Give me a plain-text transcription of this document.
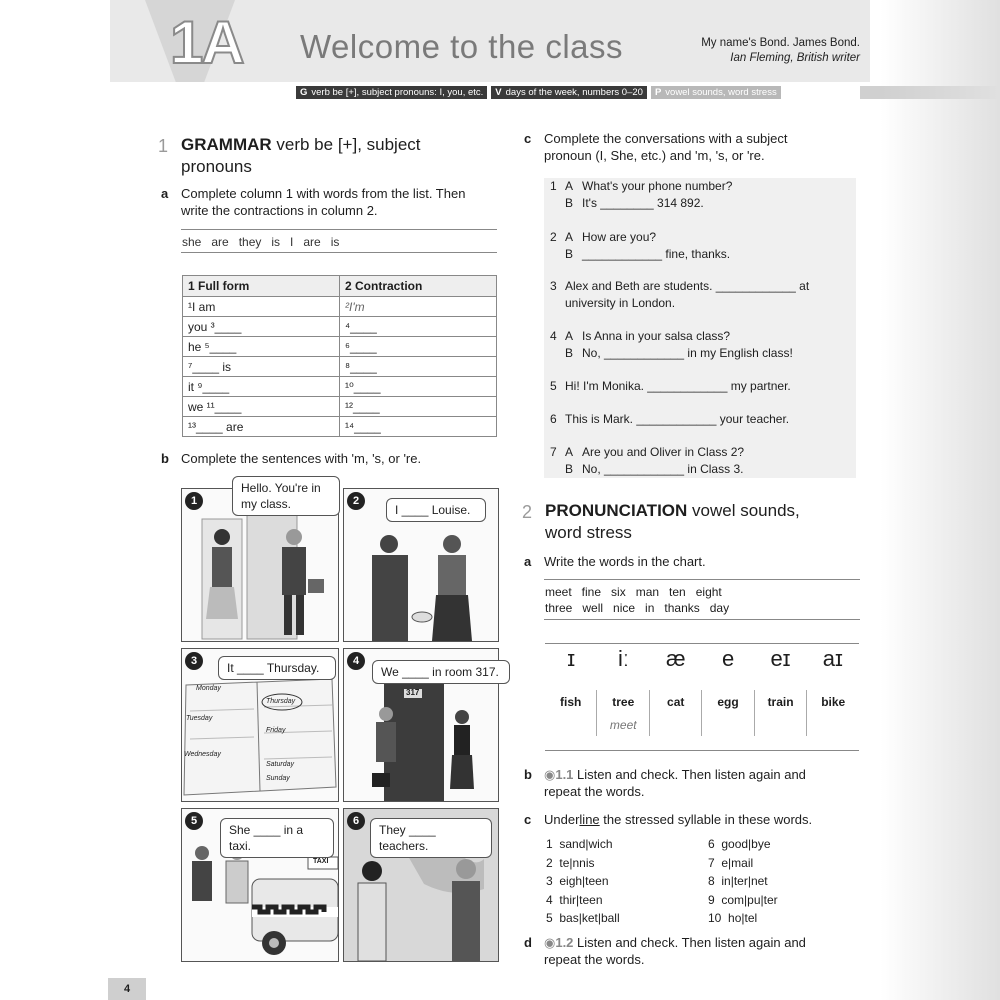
1A Welcome to the class	My name's Bond. James Bond.
Ian Fleming, British writer
G verb be [+], subject pronouns: I, you, etc.	V days of the week, numbers 0–20	P vowel sounds, word stress
1 GRAMMAR verb be [+], subject pronouns
a Complete column 1 with words from the list. Then write the contractions in column 2.
she   are   they   is   I   are   is
1 Full form	2 Contraction
¹I am	²I'm
you ³____	⁴____
he ⁵____	⁶____
⁷____ is	⁸____
it ⁹____	¹⁰____
we ¹¹____	¹²____
¹³____ are	¹⁴____
b Complete the sentences with 'm, 's, or 're.
1
Hello. You're in my class.	2
I ____ Louise.
Monday
Tuesday
Wednesday
Thursday
Friday
Saturday
Sunday
3	It ____ Thursday.
317
4
We ____ in room 317.
TAXI
5
She ____ in a taxi.
6
They ____ teachers.
c Complete the conversations with a subject pronoun (I, She, etc.) and 'm, 's, or 're.
1 A What's your phone number?
B It's ________ 314 892.
2 A How are you?
B ____________ fine, thanks.
3 Alex and Beth are students. ____________ at university in London.
4 A Is Anna in your salsa class?
B No, ____________ in my English class!
5 Hi! I'm Monika. ____________ my partner.
6 This is Mark. ____________ your teacher.
7 A Are you and Oliver in Class 2?
B No, ____________ in Class 3.
2 PRONUNCIATION vowel sounds, word stress
a Write the words in the chart.
meet   fine   six   man   ten   eight
three   well   nice   in   thanks   day
ɪ	iː	æ	e	eɪ	aɪ
fish	tree	cat	egg	train	bike
	meet				
b ◉1.1 Listen and check. Then listen again and repeat the words.
c Underline the stressed syllable in these words.
1 sand|wich	6 good|bye
2 te|nnis	7 e|mail
3 eigh|teen	8 in|ter|net
4 thir|teen	9 com|pu|ter
5 bas|ket|ball	10 ho|tel
d ◉1.2 Listen and check. Then listen again and repeat the words.
4
